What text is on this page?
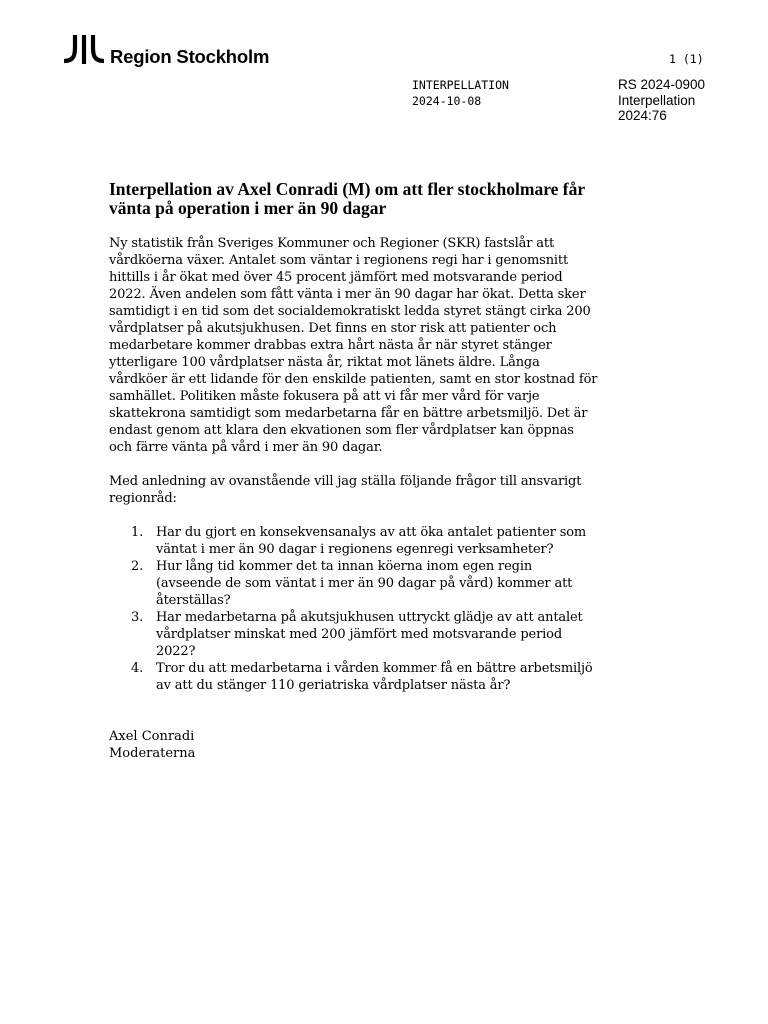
Region Stockholm	1 (1)
INTERPELLATION
2024-10-08
RS 2024-0900
Interpellation
2024:76
Interpellation av Axel Conradi (M) om att fler stockholmare får vänta på operation i mer än 90 dagar

Ny statistik från Sveriges Kommuner och Regioner (SKR) fastslår att vårdköerna växer. Antalet som väntar i regionens regi har i genomsnitt hittills i år ökat med över 45 procent jämfört med motsvarande period 2022. Även andelen som fått vänta i mer än 90 dagar har ökat. Detta sker samtidigt i en tid som det socialdemokratiskt ledda styret stängt cirka 200 vårdplatser på akutsjukhusen. Det finns en stor risk att patienter och medarbetare kommer drabbas extra hårt nästa år när styret stänger ytterligare 100 vårdplatser nästa år, riktat mot länets äldre. Långa vårdköer är ett lidande för den enskilde patienten, samt en stor kostnad för samhället. Politiken måste fokusera på att vi får mer vård för varje skattekrona samtidigt som medarbetarna får en bättre arbetsmiljö. Det är endast genom att klara den ekvationen som fler vårdplatser kan öppnas och färre vänta på vård i mer än 90 dagar.

Med anledning av ovanstående vill jag ställa följande frågor till ansvarigt regionråd:

1. Har du gjort en konsekvensanalys av att öka antalet patienter som väntat i mer än 90 dagar i regionens egenregi verksamheter?
2. Hur lång tid kommer det ta innan köerna inom egen regin (avseende de som väntat i mer än 90 dagar på vård) kommer att återställas?
3. Har medarbetarna på akutsjukhusen uttryckt glädje av att antalet vårdplatser minskat med 200 jämfört med motsvarande period 2022?
4. Tror du att medarbetarna i vården kommer få en bättre arbetsmiljö av att du stänger 110 geriatriska vårdplatser nästa år?
Axel Conradi
Moderaterna
